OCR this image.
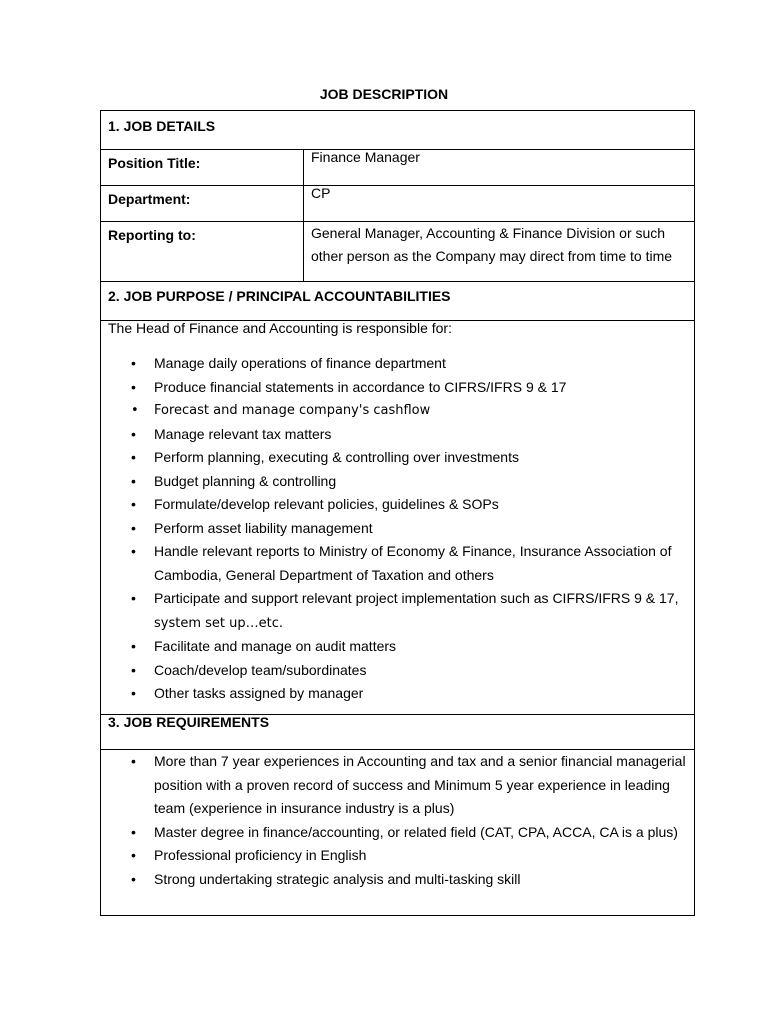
JOB DESCRIPTION
1. JOB DETAILS
Position Title:	Finance Manager
Department:	CP
Reporting to:	General Manager, Accounting & Finance Division or such other person as the Company may direct from time to time
2. JOB PURPOSE / PRINCIPAL ACCOUNTABILITIES
The Head of Finance and Accounting is responsible for:
• Manage daily operations of finance department
• Produce financial statements in accordance to CIFRS/IFRS 9 & 17
• Forecast and manage company's cashflow
• Manage relevant tax matters
• Perform planning, executing & controlling over investments
• Budget planning & controlling
• Formulate/develop relevant policies, guidelines & SOPs
• Perform asset liability management
• Handle relevant reports to Ministry of Economy & Finance, Insurance Association of Cambodia, General Department of Taxation and others
• Participate and support relevant project implementation such as CIFRS/IFRS 9 & 17,
system set up…etc.
• Facilitate and manage on audit matters
• Coach/develop team/subordinates
• Other tasks assigned by manager
3. JOB REQUIREMENTS
• More than 7 year experiences in Accounting and tax and a senior financial managerial position with a proven record of success and Minimum 5 year experience in leading team (experience in insurance industry is a plus)
• Master degree in finance/accounting, or related field (CAT, CPA, ACCA, CA is a plus)
• Professional proficiency in English
• Strong undertaking strategic analysis and multi-tasking skill
